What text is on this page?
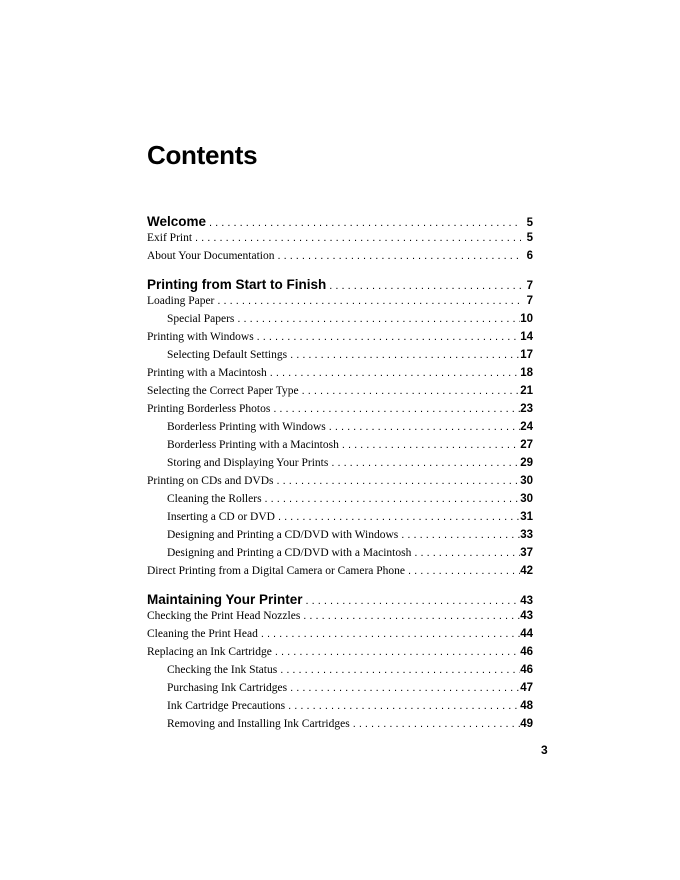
Contents
Welcome . . .	5
Exif Print . . .	5
About Your Documentation . . .	6
Printing from Start to Finish . . .	7
Loading Paper . . .	7
Special Papers . . .	10
Printing with Windows . . .	14
Selecting Default Settings . . .	17
Printing with a Macintosh . . .	18
Selecting the Correct Paper Type . . .	21
Printing Borderless Photos . . .	23
Borderless Printing with Windows . . .	24
Borderless Printing with a Macintosh . . .	27
Storing and Displaying Your Prints . . .	29
Printing on CDs and DVDs . . .	30
Cleaning the Rollers . . .	30
Inserting a CD or DVD . . .	31
Designing and Printing a CD/DVD with Windows . . .	33
Designing and Printing a CD/DVD with a Macintosh . . .	37
Direct Printing from a Digital Camera or Camera Phone . . .	42
Maintaining Your Printer . . .	43
Checking the Print Head Nozzles . . .	43
Cleaning the Print Head . . .	44
Replacing an Ink Cartridge . . .	46
Checking the Ink Status . . .	46
Purchasing Ink Cartridges . . .	47
Ink Cartridge Precautions . . .	48
Removing and Installing Ink Cartridges . . .	49
3
